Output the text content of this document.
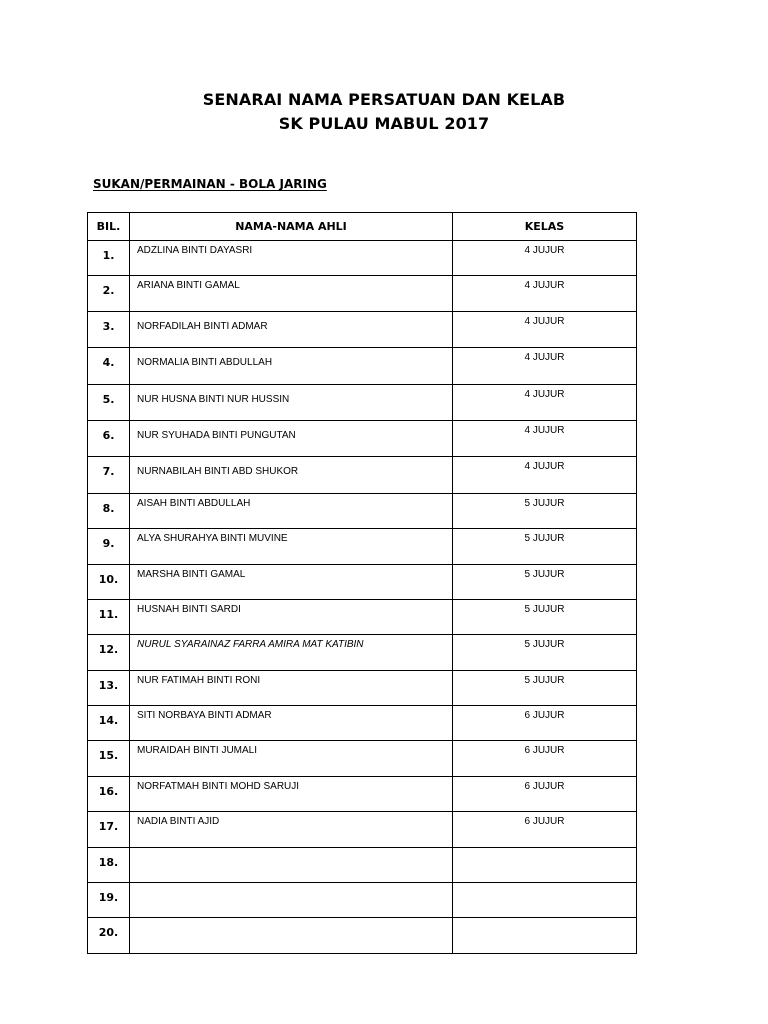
SENARAI NAMA PERSATUAN DAN KELAB
SK PULAU MABUL 2017
SUKAN/PERMAINAN - BOLA JARING
BIL.	NAMA-NAMA AHLI	KELAS
1.	ADZLINA BINTI DAYASRI	4 JUJUR
2.	ARIANA BINTI GAMAL	4 JUJUR
3.	NORFADILAH BINTI ADMAR	4 JUJUR
4.	NORMALIA BINTI ABDULLAH	4 JUJUR
5.	NUR HUSNA BINTI NUR HUSSIN	4 JUJUR
6.	NUR SYUHADA BINTI PUNGUTAN	4 JUJUR
7.	NURNABILAH BINTI ABD SHUKOR	4 JUJUR
8.	AISAH BINTI ABDULLAH	5 JUJUR
9.	ALYA SHURAHYA BINTI MUVINE	5 JUJUR
10.	MARSHA BINTI GAMAL	5 JUJUR
11.	HUSNAH BINTI SARDI	5 JUJUR
12.	NURUL SYARAINAZ FARRA AMIRA MAT KATIBIN	5 JUJUR
13.	NUR FATIMAH BINTI RONI	5 JUJUR
14.	SITI NORBAYA BINTI ADMAR	6 JUJUR
15.	MURAIDAH BINTI JUMALI	6 JUJUR
16.	NORFATMAH BINTI MOHD SARUJI	6 JUJUR
17.	NADIA BINTI AJID	6 JUJUR
18.		
19.		
20.		
